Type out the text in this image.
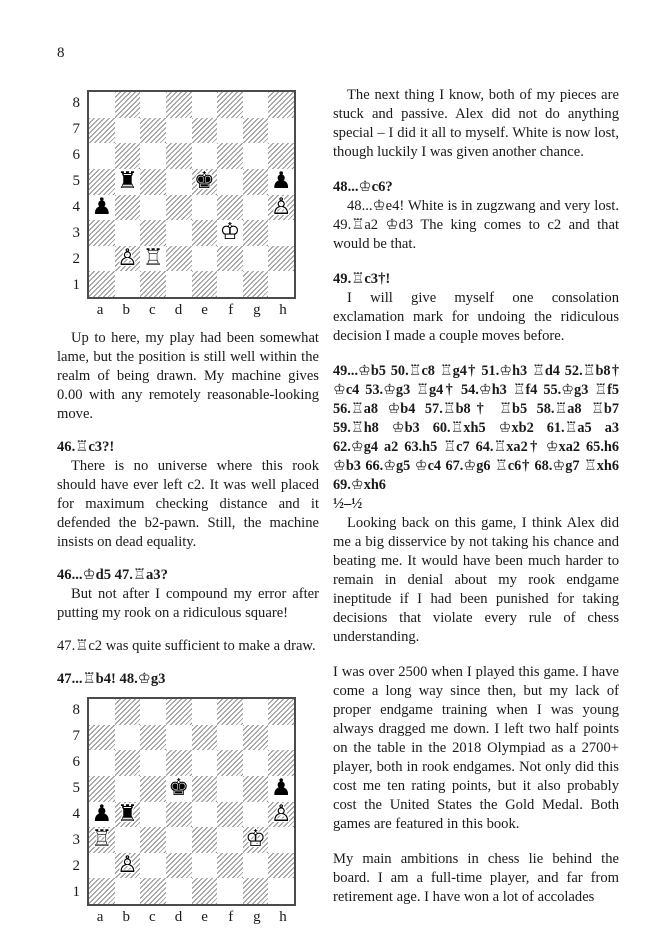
8
8
7
6
5
4
3
2
1
♜ ♚ ♟
♟	♙
♔
♙ ♖
a	b	c	d	e	f	g	h

Up to here, my play had been somewhat lame, but the position is still well within the realm of being drawn. My machine gives 0.00 with any remotely reasonable-looking move.

46.♖c3?!

There is no universe where this rook should have ever left c2. It was well placed for maximum checking distance and it defended the b2-pawn. Still, the machine insists on dead equality.

46...♔d5 47.♖a3?

But not after I compound my error after putting my rook on a ridiculous square!

47.♖c2 was quite sufficient to make a draw.

47...♖b4! 48.♔g3

8
7
6
5
4
3
2
1
♚	♟
♟ ♜	♙
♖	♔
♙
a	b	c	d	e	f	g	h

The next thing I know, both of my pieces are stuck and passive. Alex did not do anything special – I did it all to myself. White is now lost, though luckily I was given another chance.

48...♔c6?

48...♔e4! White is in zugzwang and very lost. 49.♖a2 ♔d3 The king comes to c2 and that would be that.

49.♖c3†!

I will give myself one consolation exclamation mark for undoing the ridiculous decision I made a couple moves before.

49...♔b5 50.♖c8 ♖g4† 51.♔h3 ♖d4 52.♖b8† ♔c4 53.♔g3 ♖g4† 54.♔h3 ♖f4 55.♔g3 ♖f5 56.♖a8 ♔b4 57.♖b8† ♖b5 58.♖a8 ♖b7 59.♖h8 ♔b3 60.♖xh5 ♔xb2 61.♖a5 a3 62.♔g4 a2 63.h5 ♖c7 64.♖xa2† ♔xa2 65.h6 ♔b3 66.♔g5 ♔c4 67.♔g6 ♖c6† 68.♔g7 ♖xh6 69.♔xh6

½–½

Looking back on this game, I think Alex did me a big disservice by not taking his chance and beating me. It would have been much harder to remain in denial about my rook endgame ineptitude if I had been punished for taking decisions that violate every rule of chess understanding.

I was over 2500 when I played this game. I have come a long way since then, but my lack of proper endgame training when I was young always dragged me down. I left two half points on the table in the 2018 Olympiad as a 2700+ player, both in rook endgames. Not only did this cost me ten rating points, but it also probably cost the United States the Gold Medal. Both games are featured in this book.

My main ambitions in chess lie behind the board. I am a full-time player, and far from retirement age. I have won a lot of accolades
